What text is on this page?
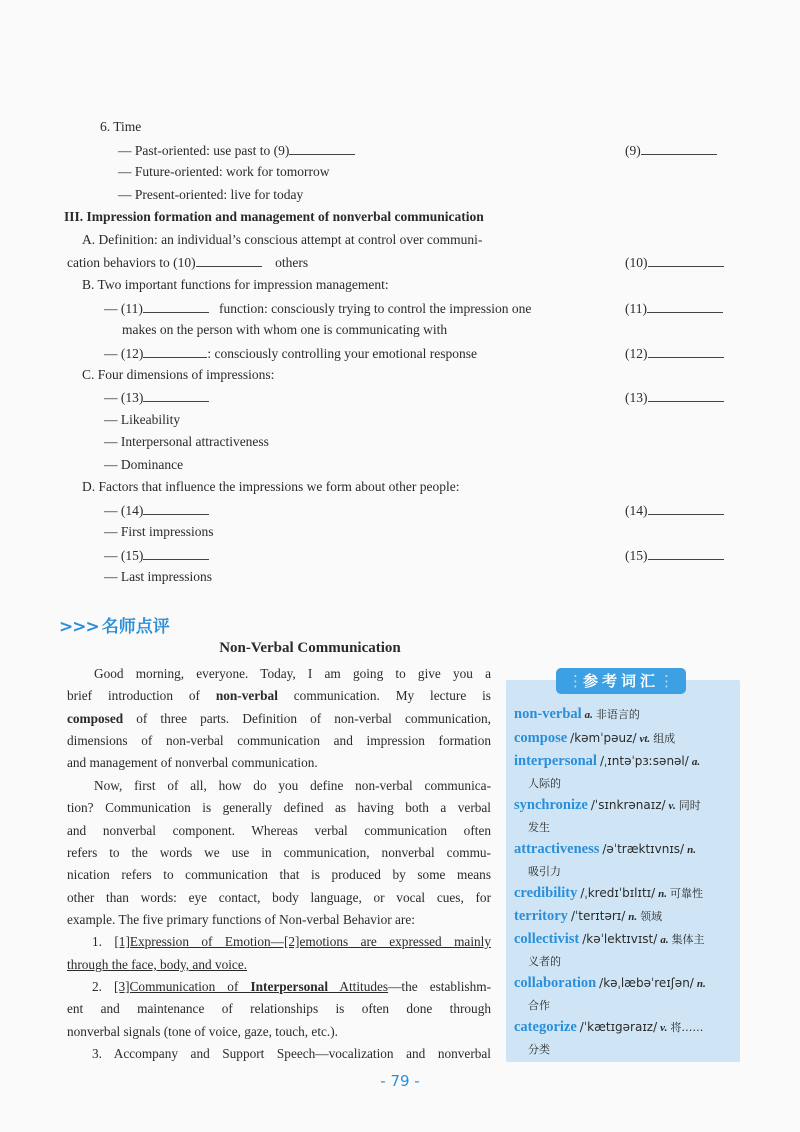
6. Time
— Past-oriented: use past to (9)	(9)
— Future-oriented: work for tomorrow
— Present-oriented: live for today
III. Impression formation and management of nonverbal communication
A. Definition: an individual’s conscious attempt at control over communi-
cation behaviors to (10)	others	(10)
B. Two important functions for impression management:
— (11)	function: consciously trying to control the impression one	(11)
makes on the person with whom one is communicating with
— (12)	: consciously controlling your emotional response	(12)
C. Four dimensions of impressions:
— (13)	(13)
— Likeability
— Interpersonal attractiveness
— Dominance
D. Factors that influence the impressions we form about other people:
— (14)	(14)
— First impressions
— (15)	(15)
— Last impressions
>>> 名师点评
Non-Verbal Communication
Good morning, everyone. Today, I am going to give you a
brief introduction of non-verbal communication. My lecture is
composed of three parts. Definition of non-verbal communication,
dimensions of non-verbal communication and impression formation
and management of nonverbal communication.
Now, first of all, how do you define non-verbal communica-
tion? Communication is generally defined as having both a verbal
and nonverbal component. Whereas verbal communication often
refers to the words we use in communication, nonverbal commu-
nication refers to communication that is produced by some means
other than words: eye contact, body language, or vocal cues, for
example. The five primary functions of Non-verbal Behavior are:
1. [1]Expression of Emotion—[2]emotions are expressed mainly
through the face, body, and voice.
2. [3]Communication of Interpersonal Attitudes—the establishm-
ent and maintenance of relationships is often done through
nonverbal signals (tone of voice, gaze, touch, etc.).
3. Accompany and Support Speech—vocalization and nonverbal
⋮参考词汇⋮
non-verbal a. 非语言的
compose /kəmˈpəuz/ vt. 组成
interpersonal /ˌɪntəˈpɜːsənəl/ a.

人际的
synchronize /ˈsɪnkrənaɪz/ v. 同时

发生
attractiveness /əˈtræktɪvnɪs/ n.

吸引力
credibility /ˌkredɪˈbɪlɪtɪ/ n. 可靠性
territory /ˈterɪtərɪ/ n. 领域
collectivist /kəˈlektɪvɪst/ a. 集体主

义者的
collaboration /kəˌlæbəˈreɪʃən/ n.

合作
categorize /ˈkætɪgəraɪz/ v. 将……

分类
- 79 -
